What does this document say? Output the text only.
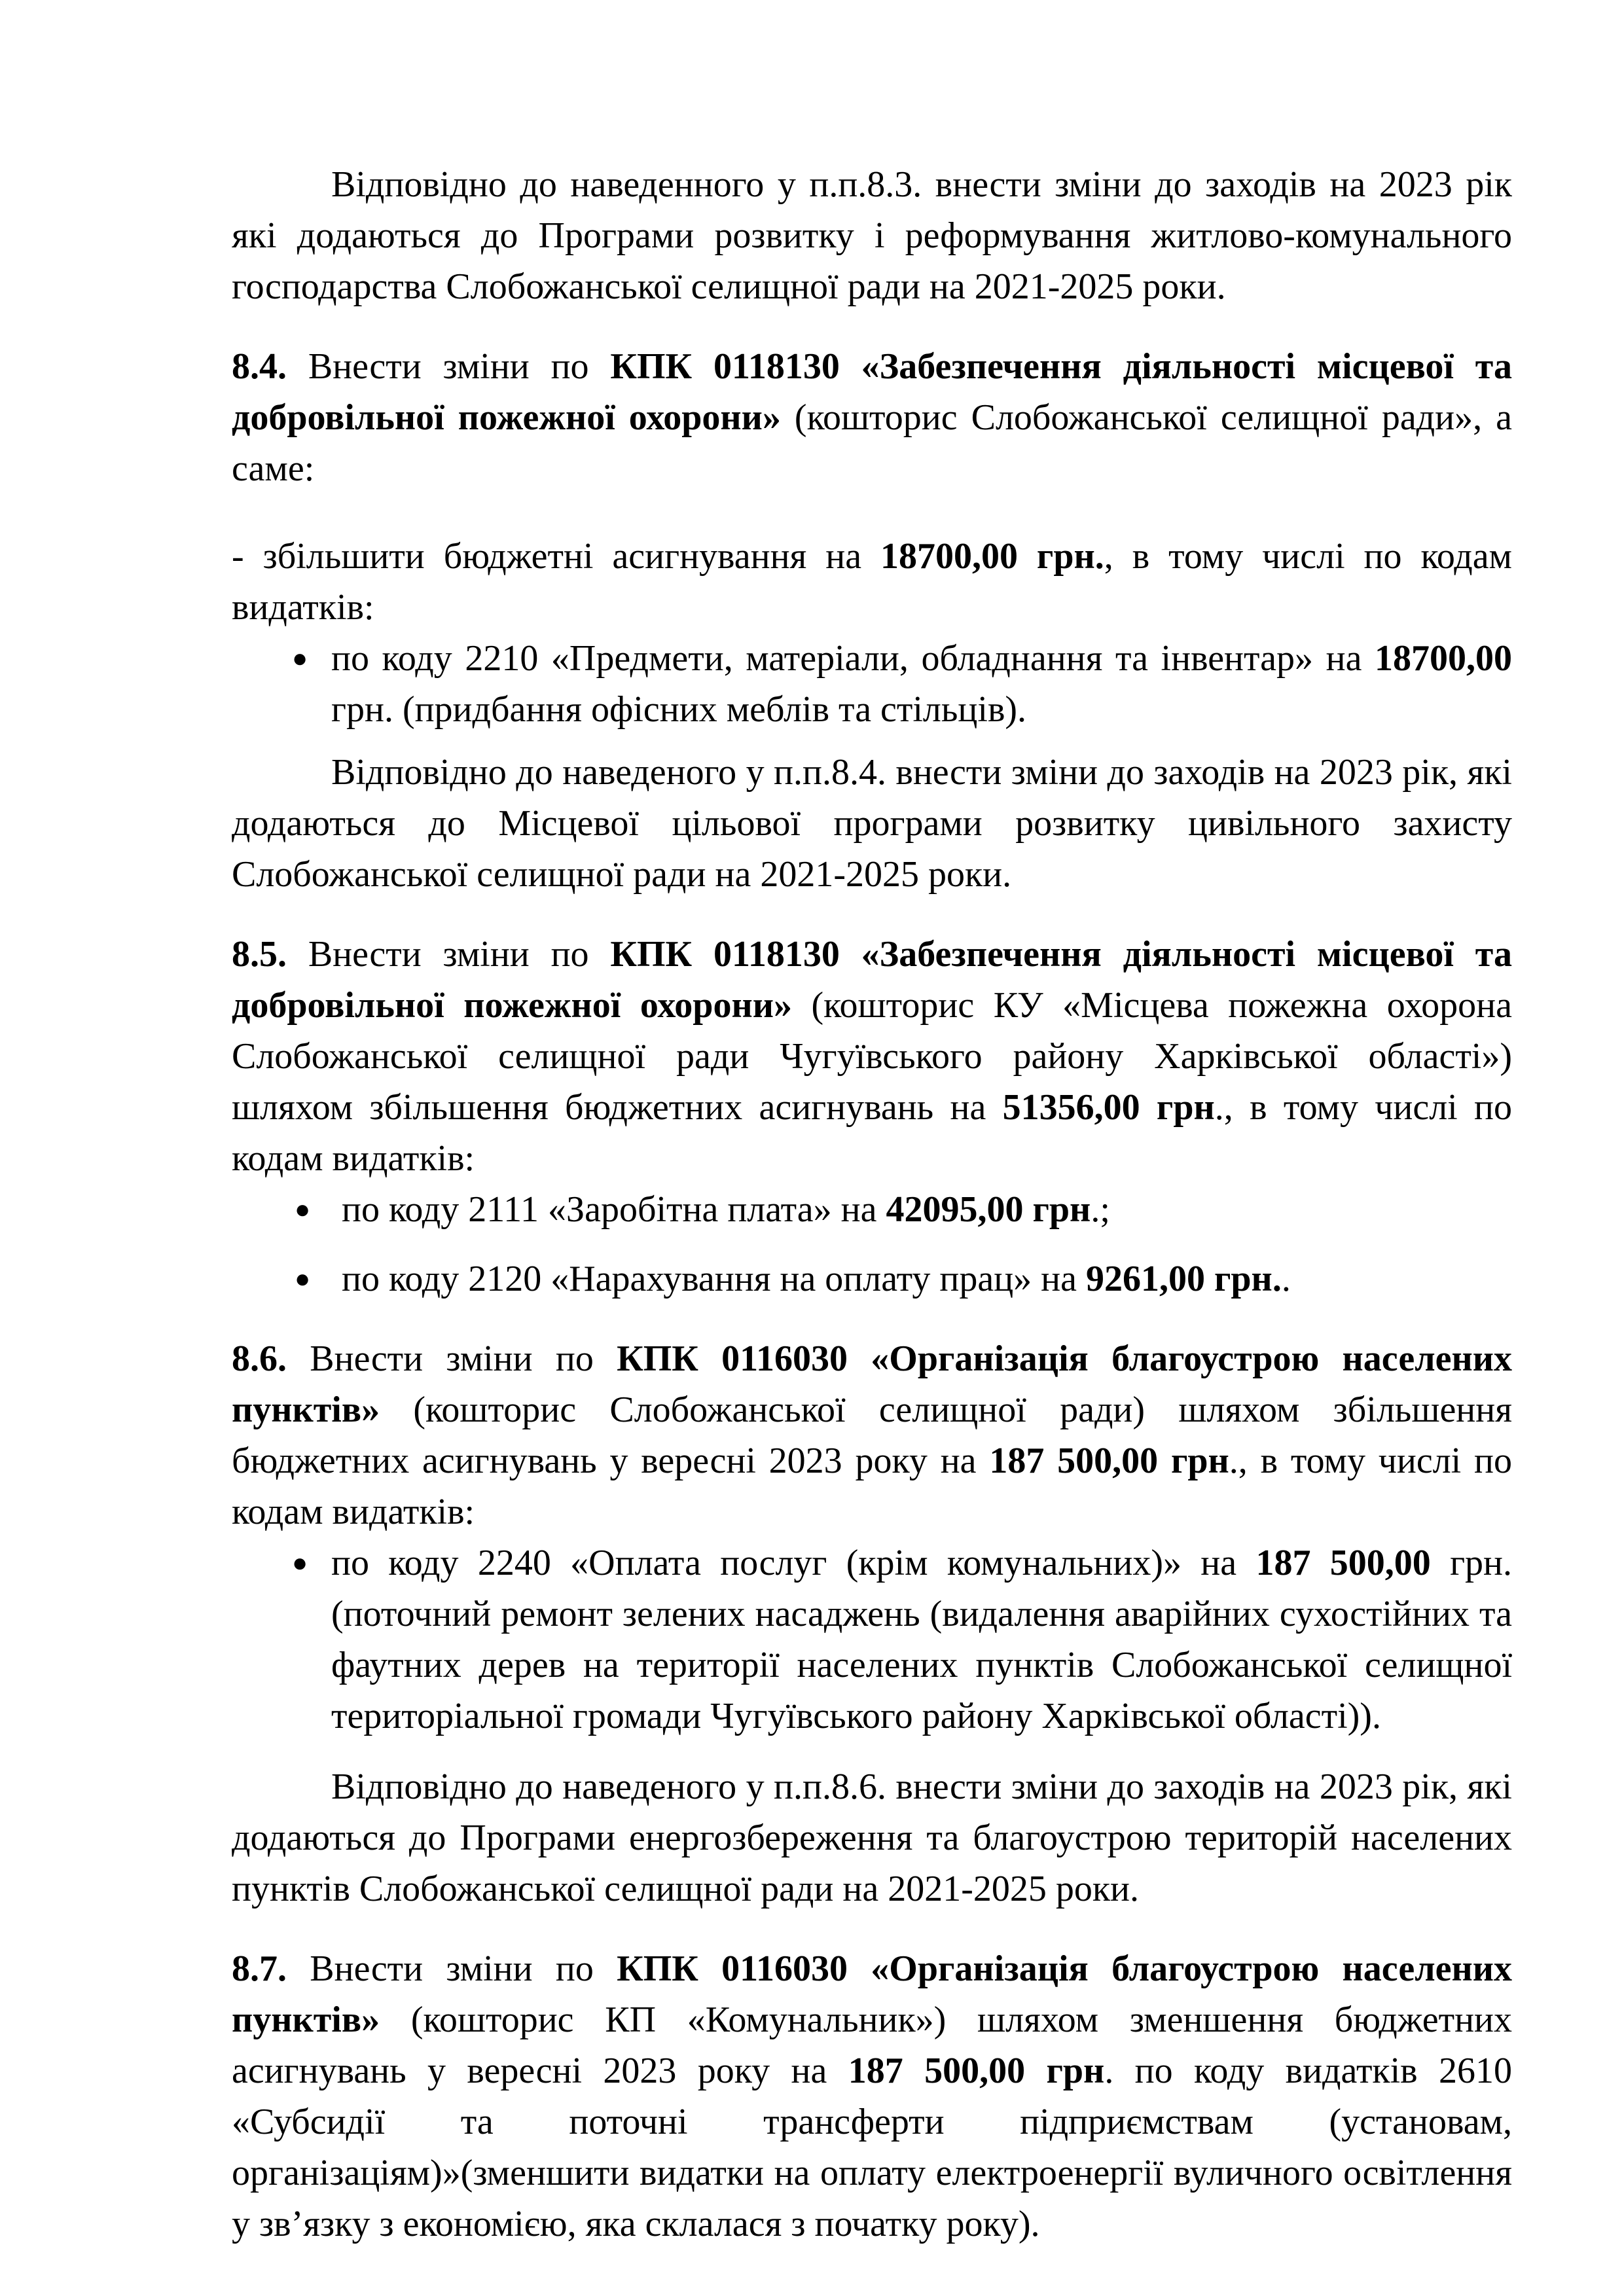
Відповідно до наведенного у п.п.8.3. внести зміни до заходів на 2023 рік які додаються до Програми розвитку і реформування житлово-комунального господарства Слобожанської селищної ради на 2021-2025 роки.

8.4. Внести зміни по КПК 0118130 «Забезпечення діяльності місцевої та добровільної пожежної охорони» (кошторис Слобожанської селищної ради», а саме:

- збільшити бюджетні асигнування на 18700,00 грн., в тому числі по кодам видатків:

● по коду 2210 «Предмети, матеріали, обладнання та інвентар» на 18700,00 грн. (придбання офісних меблів та стільців).

Відповідно до наведеного у п.п.8.4. внести зміни до заходів на 2023 рік, які додаються до Місцевої цільової програми розвитку цивільного захисту Слобожанської селищної ради на 2021-2025 роки.

8.5. Внести зміни по КПК 0118130 «Забезпечення діяльності місцевої та добровільної пожежної охорони» (кошторис КУ «Місцева пожежна охорона Слобожанської селищної ради Чугуївського району Харківської області») шляхом збільшення бюджетних асигнувань на 51356,00 грн., в тому числі по кодам видатків:

● по коду 2111 «Заробітна плата» на 42095,00 грн.;
● по коду 2120 «Нарахування на оплату прац» на 9261,00 грн..

8.6. Внести зміни по КПК 0116030 «Організація благоустрою населених пунктів» (кошторис Слобожанської селищної ради) шляхом збільшення бюджетних асигнувань у вересні 2023 року на 187 500,00 грн., в тому числі по кодам видатків:

● по коду 2240 «Оплата послуг (крім комунальних)» на 187 500,00 грн. (поточний ремонт зелених насаджень (видалення аварійних сухостійних та фаутних дерев на території населених пунктів Слобожанської селищної територіальної громади Чугуївського району Харківської області)).

Відповідно до наведеного у п.п.8.6. внести зміни до заходів на 2023 рік, які додаються до Програми енергозбереження та благоустрою територій населених пунктів Слобожанської селищної ради на 2021-2025 роки.

8.7. Внести зміни по КПК 0116030 «Організація благоустрою населених пунктів» (кошторис КП «Комунальник») шляхом зменшення бюджетних асигнувань у вересні 2023 року на 187 500,00 грн. по коду видатків 2610 «Субсидії та поточні трансферти підприємствам (установам, організаціям)»(зменшити видатки на оплату електроенергії вуличного освітлення у зв’язку з економією, яка склалася з початку року).
